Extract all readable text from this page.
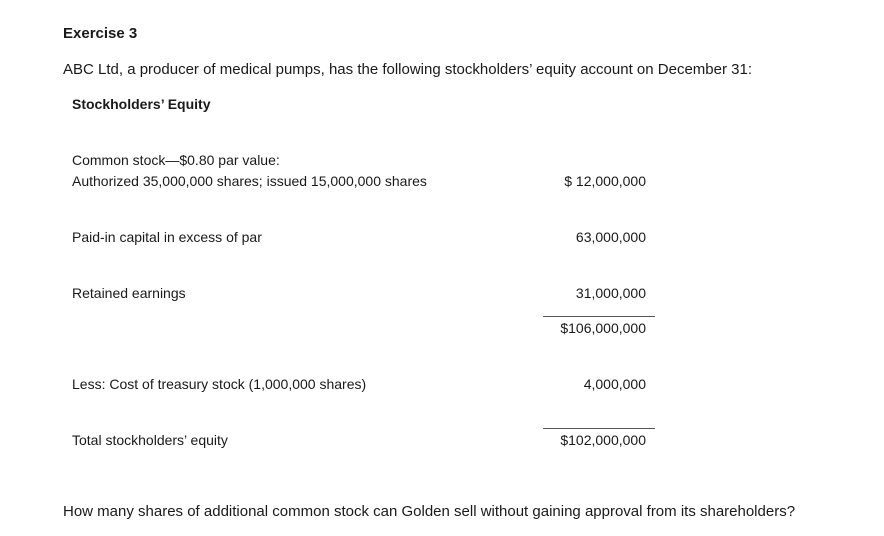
Exercise 3
ABC Ltd, a producer of medical pumps, has the following stockholders’ equity account on December 31:
Stockholders’ Equity
Common stock—$0.80 par value:
Authorized 35,000,000 shares; issued 15,000,000 shares	$ 12,000,000
Paid-in capital in excess of par	63,000,000
Retained earnings	31,000,000
$106,000,000
Less: Cost of treasury stock (1,000,000 shares)	4,000,000
Total stockholders’ equity	$102,000,000
How many shares of additional common stock can Golden sell without gaining approval from its shareholders?
